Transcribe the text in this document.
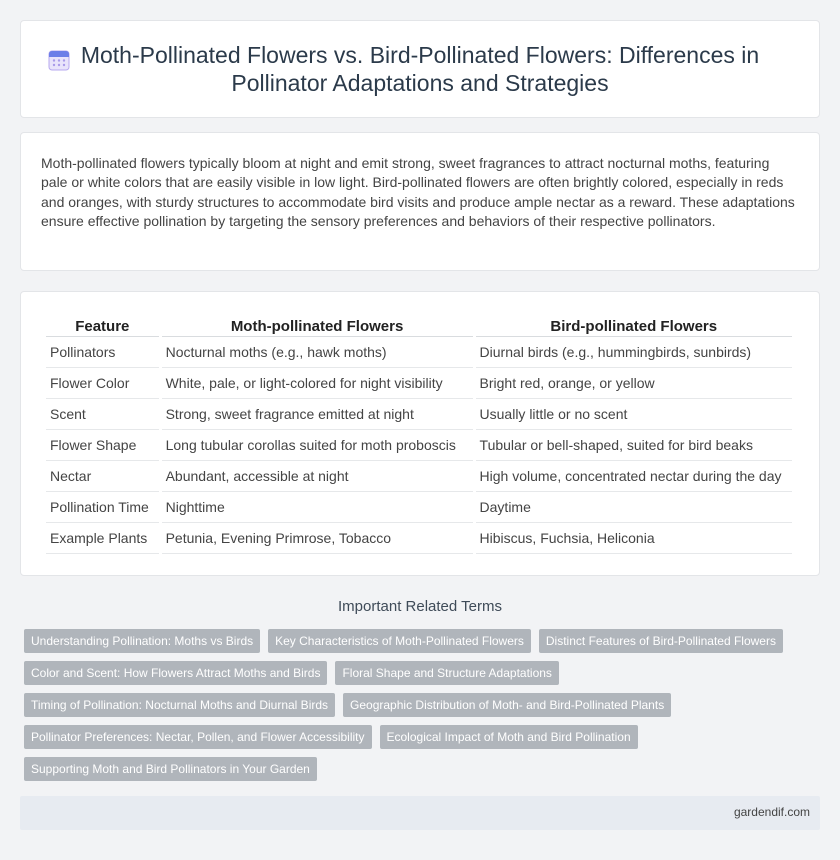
Moth-Pollinated Flowers vs. Bird-Pollinated Flowers: Differences in Pollinator Adaptations and Strategies

Moth-pollinated flowers typically bloom at night and emit strong, sweet fragrances to attract nocturnal moths, featuring pale or white colors that are easily visible in low light. Bird-pollinated flowers are often brightly colored, especially in reds and oranges, with sturdy structures to accommodate bird visits and produce ample nectar as a reward. These adaptations ensure effective pollination by targeting the sensory preferences and behaviors of their respective pollinators.

Feature	Moth-pollinated Flowers	Bird-pollinated Flowers
Pollinators	Nocturnal moths (e.g., hawk moths)	Diurnal birds (e.g., hummingbirds, sunbirds)
Flower Color	White, pale, or light-colored for night visibility	Bright red, orange, or yellow
Scent	Strong, sweet fragrance emitted at night	Usually little or no scent
Flower Shape	Long tubular corollas suited for moth proboscis	Tubular or bell-shaped, suited for bird beaks
Nectar	Abundant, accessible at night	High volume, concentrated nectar during the day
Pollination Time	Nighttime	Daytime
Example Plants	Petunia, Evening Primrose, Tobacco	Hibiscus, Fuchsia, Heliconia
Important Related Terms
Understanding Pollination: Moths vs Birds	Key Characteristics of Moth-Pollinated Flowers	Distinct Features of Bird-Pollinated Flowers
Color and Scent: How Flowers Attract Moths and Birds	Floral Shape and Structure Adaptations
Timing of Pollination: Nocturnal Moths and Diurnal Birds	Geographic Distribution of Moth- and Bird-Pollinated Plants
Pollinator Preferences: Nectar, Pollen, and Flower Accessibility	Ecological Impact of Moth and Bird Pollination
Supporting Moth and Bird Pollinators in Your Garden
gardendif.com
